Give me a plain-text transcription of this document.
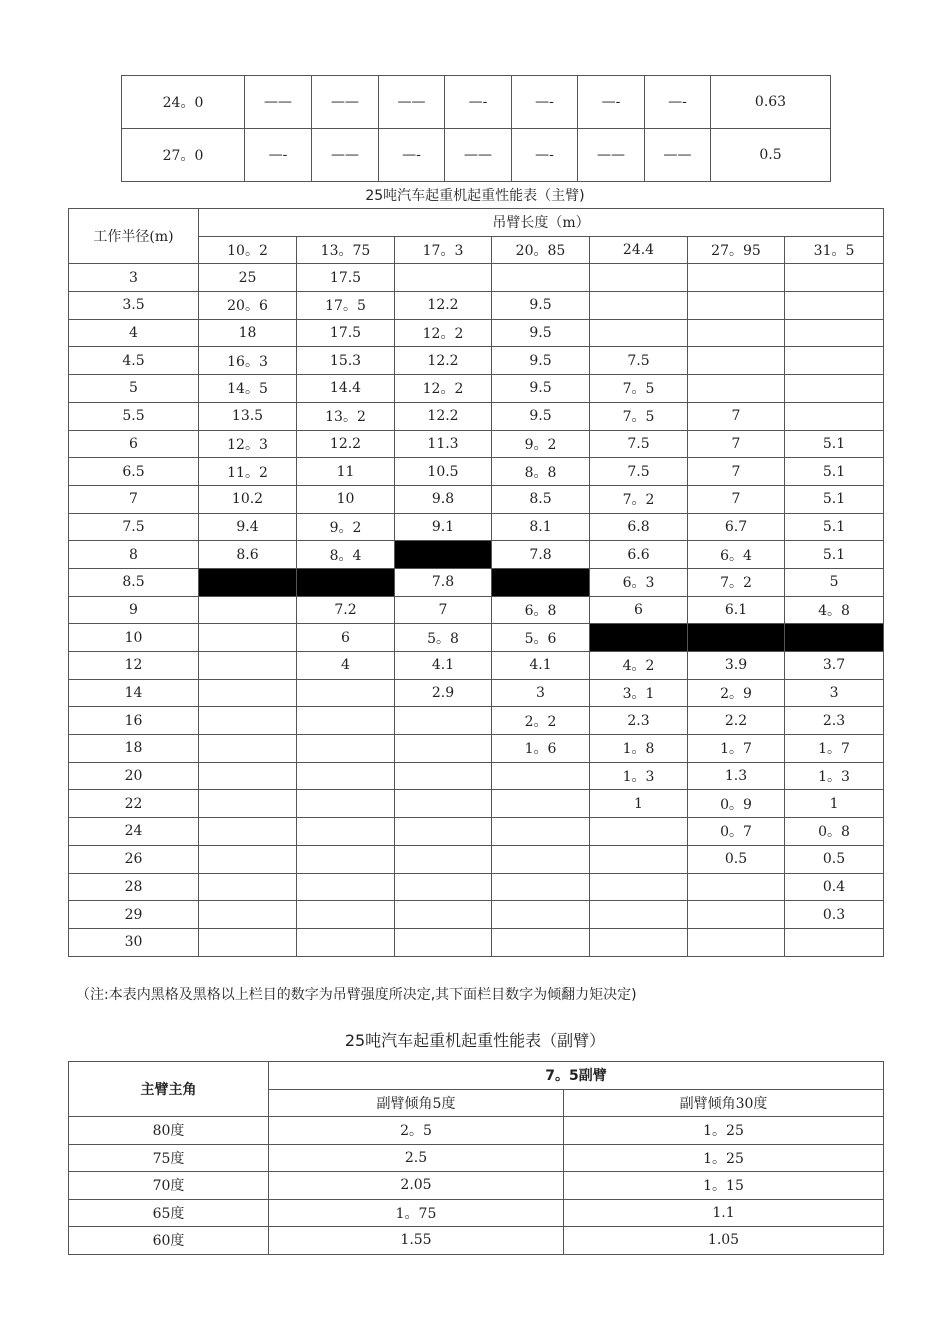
24。0	——	——	——	—-	—-	—-	—-	0.63
27。0	—-	——	—-	——	—-	——	——	0.5
25吨汽车起重机起重性能表（主臂)
工作半径(m)	吊臂长度（m）						
	10。2	13。75	17。3	20。85	24.4	27。95	31。5
3	25	17.5					
3.5	20。6	17。5	12.2	9.5			
4	18	17.5	12。2	9.5			
4.5	16。3	15.3	12.2	9.5	7.5		
5	14。5	14.4	12。2	9.5	7。5		
5.5	13.5	13。2	12.2	9.5	7。5	7	
6	12。3	12.2	11.3	9。2	7.5	7	5.1
6.5	11。2	11	10.5	8。8	7.5	7	5.1
7	10.2	10	9.8	8.5	7。2	7	5.1
7.5	9.4	9。2	9.1	8.1	6.8	6.7	5.1
8	8.6	8。4		7.8	6.6	6。4	5.1
8.5			7.8		6。3	7。2	5
9		7.2	7	6。8	6	6.1	4。8
10		6	5。8	5。6			
12		4	4.1	4.1	4。2	3.9	3.7
14			2.9	3	3。1	2。9	3
16				2。2	2.3	2.2	2.3
18				1。6	1。8	1。7	1。7
20					1。3	1.3	1。3
22					1	0。9	1
24						0。7	0。8
26						0.5	0.5
28							0.4
29							0.3
30							
（注:本表内黑格及黑格以上栏目的数字为吊臂强度所决定,其下面栏目数字为倾翻力矩决定)
25吨汽车起重机起重性能表（副臂）
主臂主角	7。5副臂	
	副臂倾角5度	副臂倾角30度
80度	2。5	1。25
75度	2.5	1。25
70度	2.05	1。15
65度	1。75	1.1
60度	1.55	1.05
